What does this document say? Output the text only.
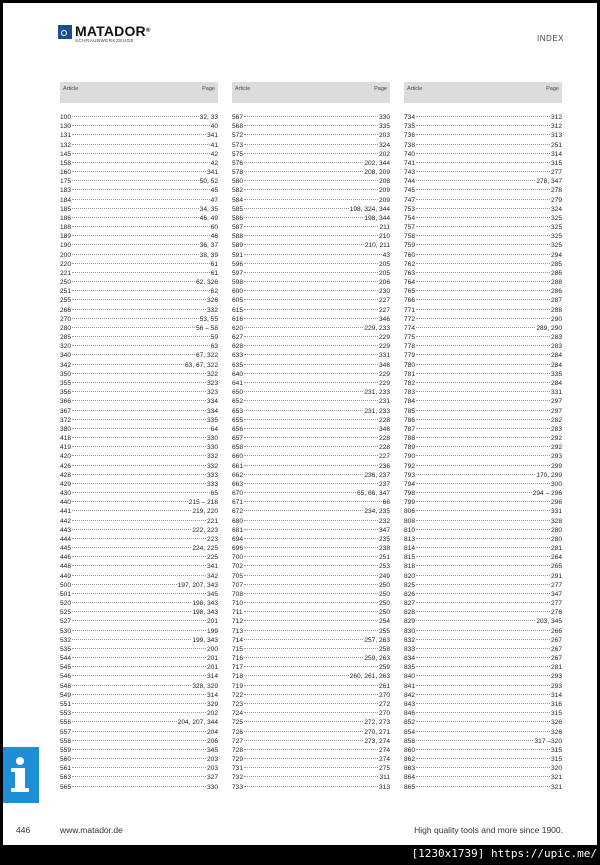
MATADOR®
SCHRAUBWERKZEUGE	INDEX
Article	Page
100	32, 33
130	40
131	341
132	41
145	42
158	42
160	341
175	50, 52
183	45
184	47
185	34, 35
186	46, 49
188	60
189	46
190	36, 37
200	38, 39
220	61
221	61
250	62, 326
251	62
255	326
266	332
270	53, 55
280	56 – 58
285	59
320	63
340	67, 322
342	63, 67, 322
350	322
355	323
356	323
366	334
367	334
372	335
380	64
418	330
419	330
420	332
426	332
428	333
429	333
430	65
440	215 – 218
441	219, 220
442	221
443	222, 223
444	223
445	224, 225
446	225
448	341
449	342
500	197, 207, 343
501	345
520	198, 343
525	198, 343
527	201
530	199
532	199, 343
535	200
544	201
545	201
546	314
548	328, 329
549	314
551	329
553	202
556	204, 207, 344
557	204
558	206
559	345
560	203
561	203
563	327
565	330
Article	Page
567	330
568	335
572	203
573	324
575	202
576	202, 344
578	208, 209
580	208
582	209
584	209
585	198, 324, 344
586	198, 344
587	211
588	210
589	210, 211
591	43
596	205
597	205
598	206
600	230
605	227
615	227
616	346
620	229, 233
627	229
628	229
633	331
635	346
640	229
641	229
650	231, 233
652	231
653	231, 233
655	228
656	346
657	228
658	228
660	227
661	236
662	236, 237
663	237
670	65, 66, 347
671	66
672	234, 235
680	232
681	347
694	235
696	238
700	251
702	253
705	249
707	250
708	250
710	250
711	250
712	254
713	255
714	257, 263
715	258
716	259, 263
717	259
718	260, 261, 263
719	261
722	270
723	272
724	270
725	272, 273
726	270, 271
727	273, 274
728	274
729	274
731	275
732	311
733	313
Article	Page
734	312
735	312
736	313
738	251
740	314
741	315
743	277
744	278, 347
745	278
747	279
753	324
754	325
757	325
758	325
759	325
760	294
762	285
763	286
764	288
765	286
766	287
771	288
772	290
774	289, 290
775	283
778	283
779	284
780	284
781	335
782	284
783	331
784	297
785	297
786	282
787	283
788	292
789	292
790	293
792	299
793	170, 299
794	300
798	294 – 296
799	296
806	331
808	328
810	280
813	280
814	281
815	264
818	265
820	291
825	277
826	347
827	277
828	276
829	203, 345
830	266
832	267
833	267
834	267
835	281
840	293
841	293
842	314
843	316
846	315
852	326
854	326
858	317 –320
860	315
862	315
863	320
864	321
865	321
446	www.matador.de	High quality tools and more since 1900.
[1230x1739] https://upic.me/
